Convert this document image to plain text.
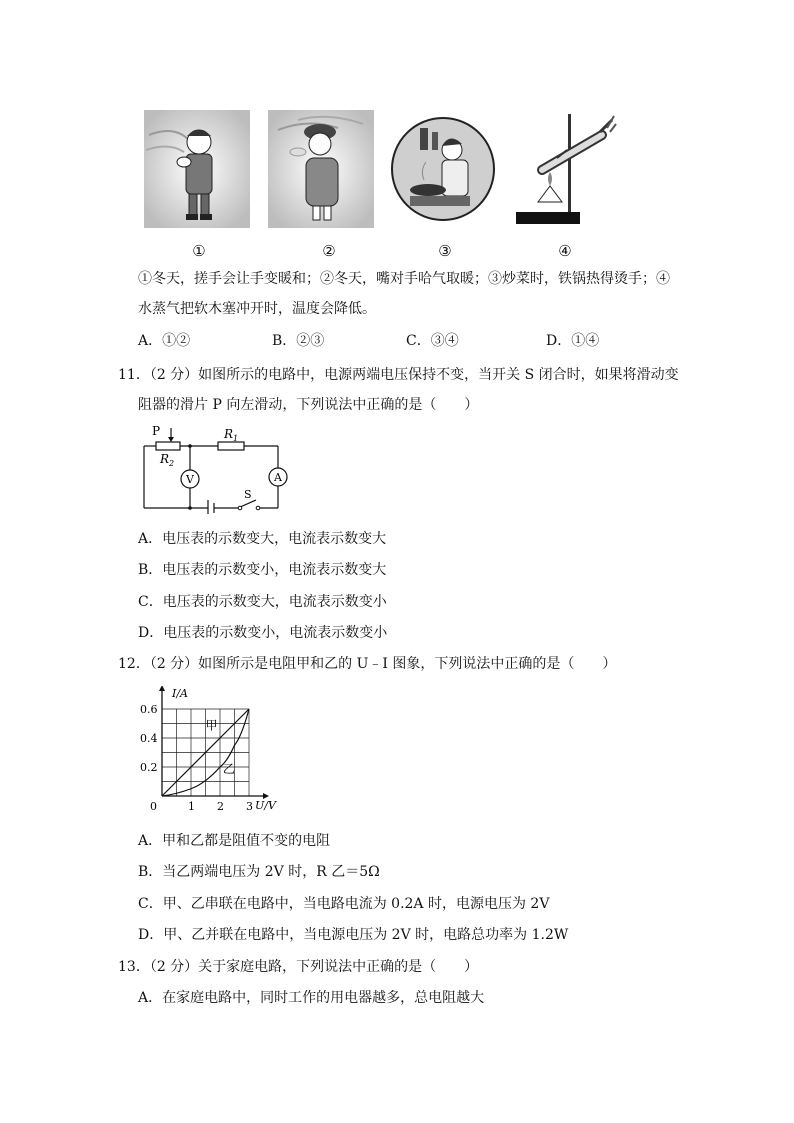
①	②	③	④
①冬天，搓手会让手变暖和；②冬天，嘴对手哈气取暖；③炒菜时，铁锅热得烫手；④
水蒸气把软木塞冲开时，温度会降低。
A．①②	B．②③	C．③④	D．①④
11．（2 分）如图所示的电路中，电源两端电压保持不变，当开关 S 闭合时，如果将滑动变
阻器的滑片 P 向左滑动，下列说法中正确的是（　　）
P
$R_2$
$R_1$
V	A
S
A．电压表的示数变大，电流表示数变大
B．电压表的示数变小，电流表示数变大
C．电压表的示数变大，电流表示数变小
D．电压表的示数变小，电流表示数变小
12．（2 分）如图所示是电阻甲和乙的 U﹣I 图象，下列说法中正确的是（　　）
U/V
I/A
0	1 2 3
0.2
0.4
0.6
甲
乙
A．甲和乙都是阻值不变的电阻
B．当乙两端电压为 2V 时，R 乙＝5Ω
C．甲、乙串联在电路中，当电路电流为 0.2A 时，电源电压为 2V
D．甲、乙并联在电路中，当电源电压为 2V 时，电路总功率为 1.2W
13．（2 分）关于家庭电路，下列说法中正确的是（　　）
A．在家庭电路中，同时工作的用电器越多，总电阻越大
